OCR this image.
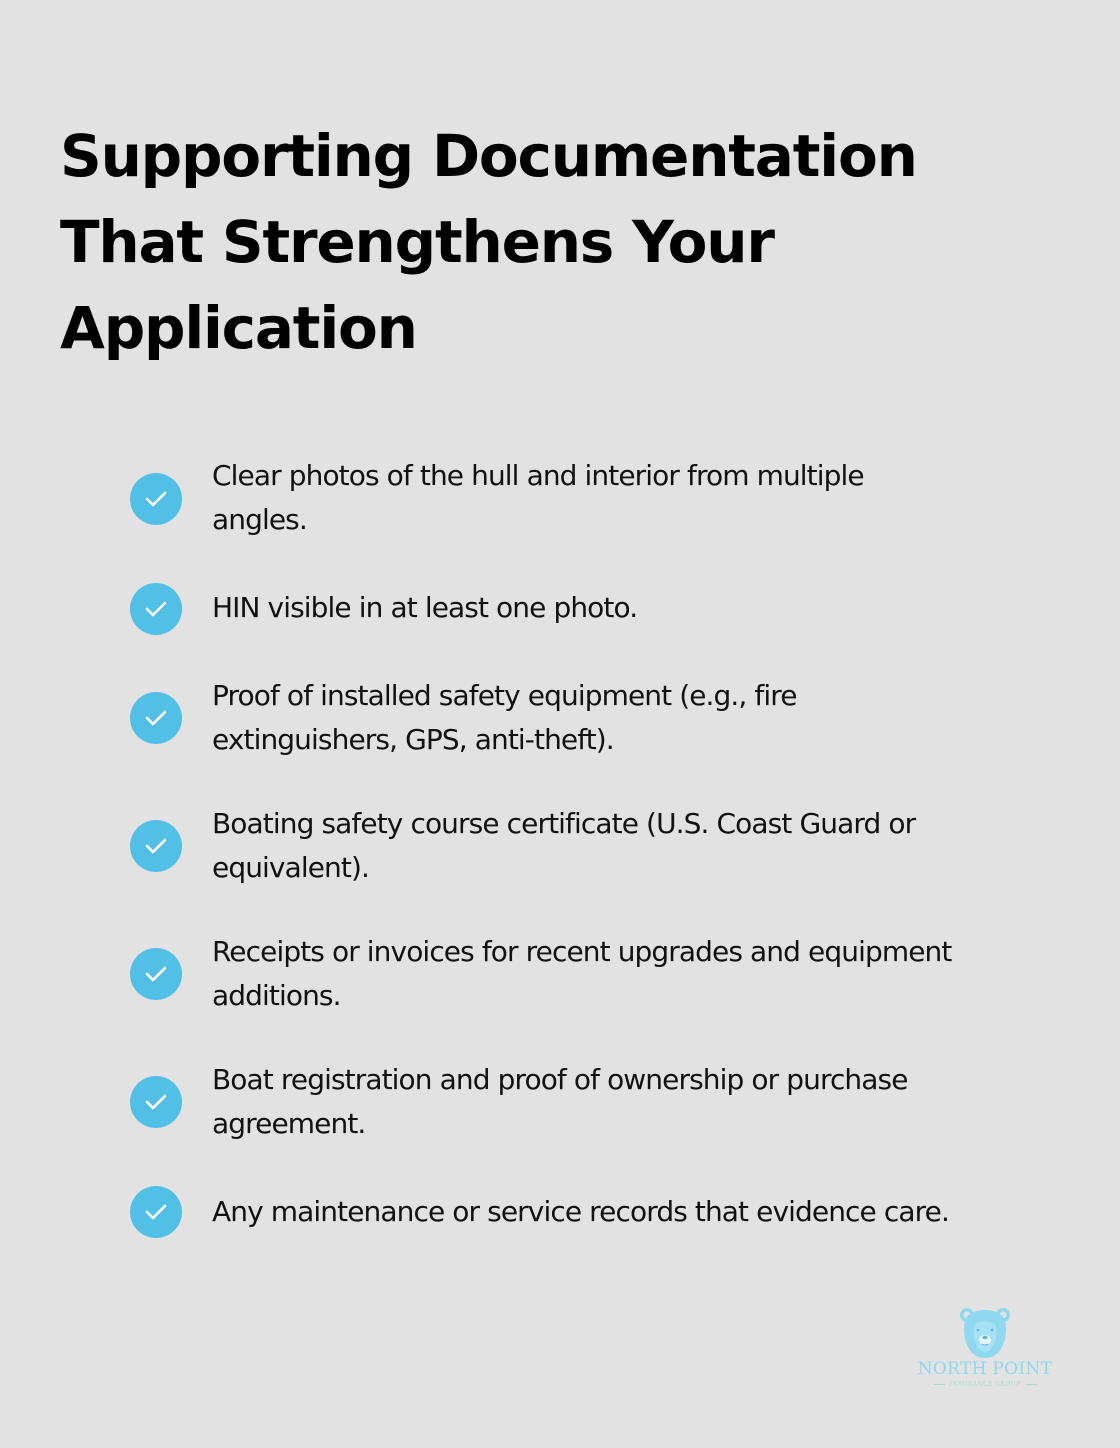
Supporting Documentation
That Strengthens Your
Application
Clear photos of the hull and interior from multiple
angles.
HIN visible in at least one photo.
Proof of installed safety equipment (e.g., fire
extinguishers, GPS, anti-theft).
Boating safety course certificate (U.S. Coast Guard or
equivalent).
Receipts or invoices for recent upgrades and equipment
additions.
Boat registration and proof of ownership or purchase
agreement.
Any maintenance or service records that evidence care.
NORTH POINT
INSURANCE GROUP
